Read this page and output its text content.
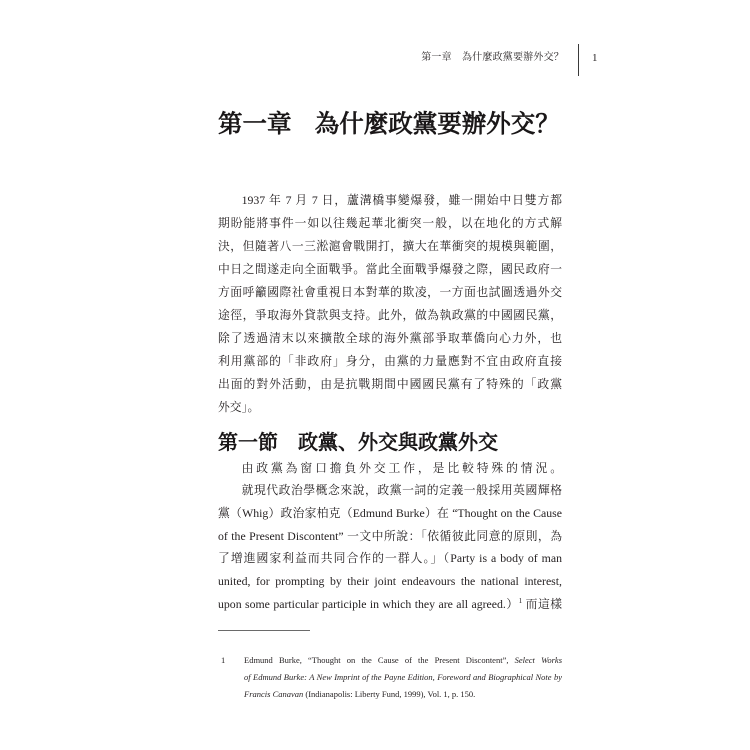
第一章　為什麼政黨要辦外交？	1
第一章 為什麼政黨要辦外交？
1937 年 7 月 7 日，蘆溝橋事變爆發，雖一開始中日雙方都
期盼能將事件一如以往幾起華北衝突一般，以在地化的方式解
決，但隨著八一三淞滬會戰開打，擴大在華衝突的規模與範圍，
中日之間遂走向全面戰爭。當此全面戰爭爆發之際，國民政府一
方面呼籲國際社會重視日本對華的欺凌，一方面也試圖透過外交
途徑，爭取海外貸款與支持。此外，做為執政黨的中國國民黨，
除了透過清末以來擴散全球的海外黨部爭取華僑向心力外，也
利用黨部的「非政府」身分，由黨的力量應對不宜由政府直接
出面的對外活動，由是抗戰期間中國國民黨有了特殊的「政黨
外交」。
第一節　政黨、外交與政黨外交
由政黨為窗口擔負外交工作，是比較特殊的情況。
就現代政治學概念來說，政黨一詞的定義一般採用英國輝格
黨（Whig）政治家柏克（Edmund Burke）在 “Thought on the Cause
of the Present Discontent” 一文中所說：「依循彼此同意的原則，為
了增進國家利益而共同合作的一群人。」（Party is a body of man
united, for prompting by their joint endeavours the national interest,
upon some particular participle in which they are all agreed.）$^1$ 而這樣
1 Edmund Burke, “Thought on the Cause of the Present Discontent”, Select Works
of Edmund Burke: A New Imprint of the Payne Edition, Foreword and Biographical Note by
Francis Canavan (Indianapolis: Liberty Fund, 1999), Vol. 1, p. 150.
